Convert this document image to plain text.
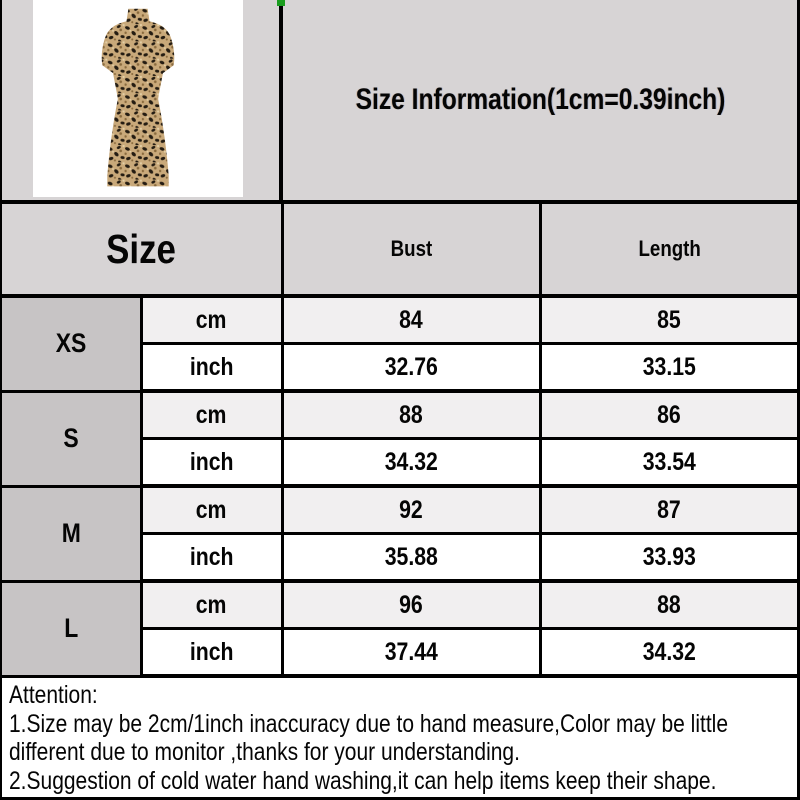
Size Information(1cm=0.39inch)
Size		Bust	Length
XS	cm	84	85
	inch	32.76	33.15
S	cm	88	86
	inch	34.32	33.54
M	cm	92	87
	inch	35.88	33.93
L	cm	96	88
	inch	37.44	34.32
Attention:
1.Size may be 2cm/1inch inaccuracy due to hand measure,Color may be little
different due to monitor ,thanks for your understanding.
2.Suggestion of cold water hand washing,it can help items keep their shape.
